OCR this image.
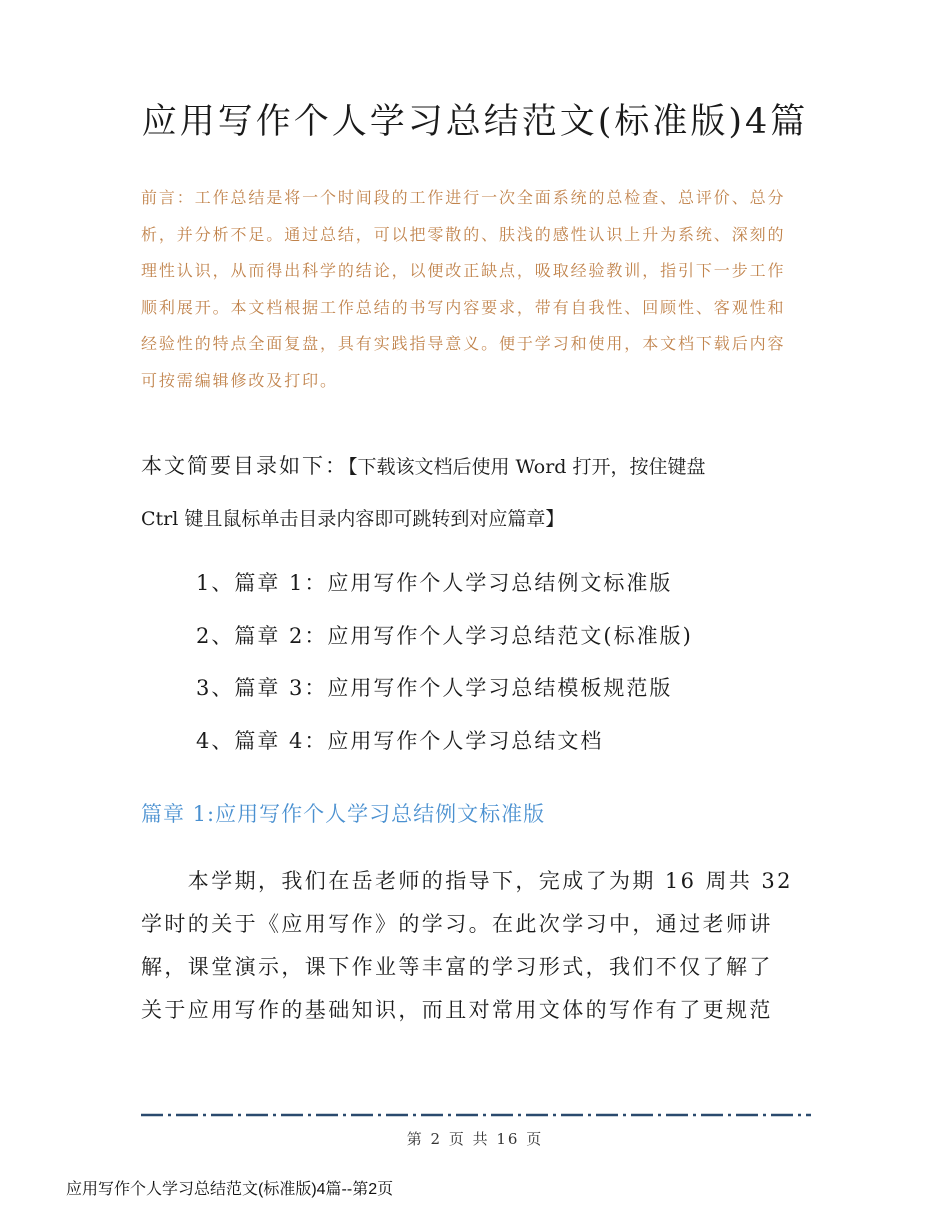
应用写作个人学习总结范文(标准版)4篇
前言：工作总结是将一个时间段的工作进行一次全面系统的总检查、总评价、总分
析，并分析不足。通过总结，可以把零散的、肤浅的感性认识上升为系统、深刻的
理性认识，从而得出科学的结论，以便改正缺点，吸取经验教训，指引下一步工作
顺利展开。本文档根据工作总结的书写内容要求，带有自我性、回顾性、客观性和
经验性的特点全面复盘，具有实践指导意义。便于学习和使用，本文档下载后内容
可按需编辑修改及打印。
本文简要目录如下：【下载该文档后使用 Word 打开，按住键盘
Ctrl 键且鼠标单击目录内容即可跳转到对应篇章】
1、篇章 1：应用写作个人学习总结例文标准版
2、篇章 2：应用写作个人学习总结范文(标准版)
3、篇章 3：应用写作个人学习总结模板规范版
4、篇章 4：应用写作个人学习总结文档
篇章 1:应用写作个人学习总结例文标准版
　　本学期，我们在岳老师的指导下，完成了为期 16 周共 32
学时的关于《应用写作》的学习。在此次学习中，通过老师讲
解，课堂演示，课下作业等丰富的学习形式，我们不仅了解了
关于应用写作的基础知识，而且对常用文体的写作有了更规范
第 2 页 共 16 页
应用写作个人学习总结范文(标准版)4篇--第2页
